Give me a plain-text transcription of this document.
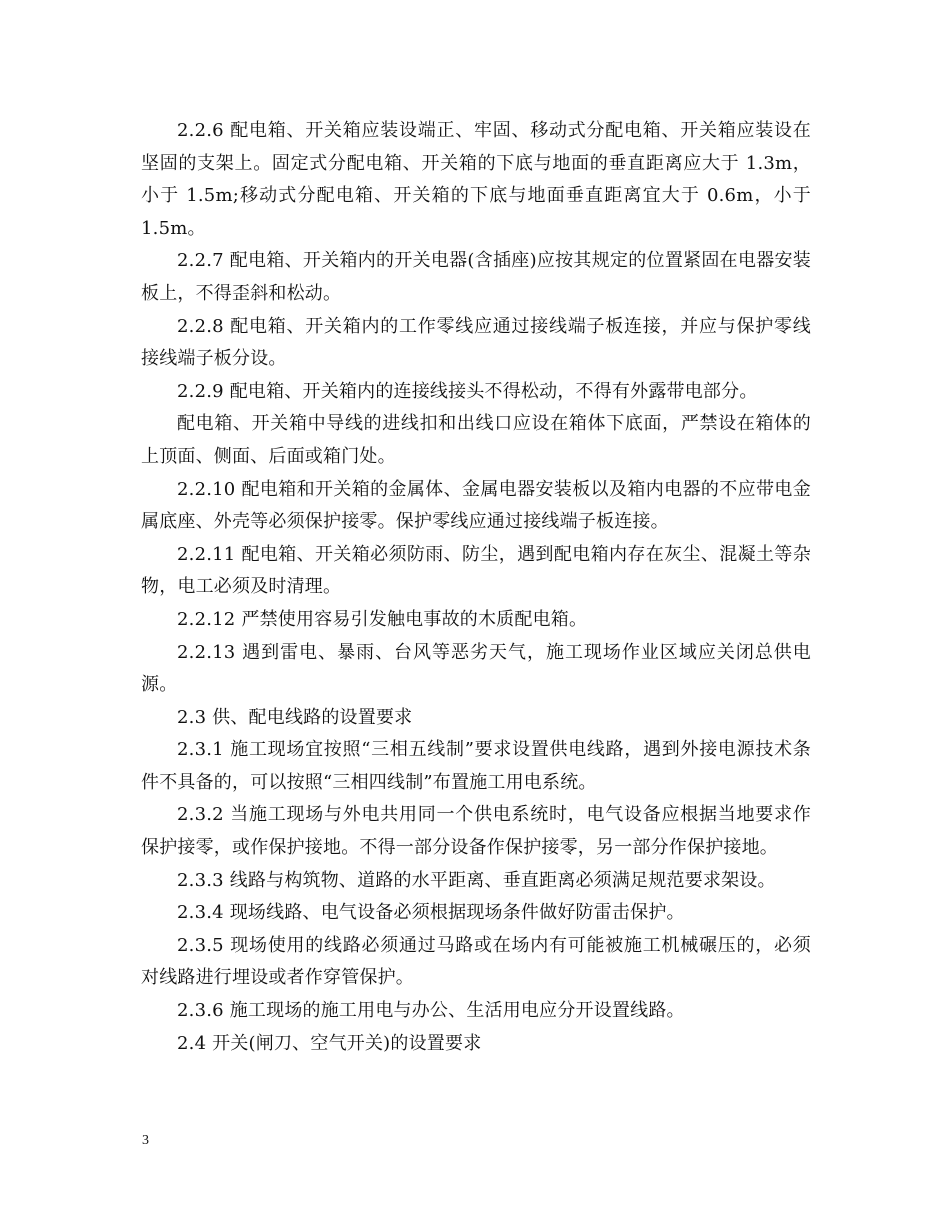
2.2.6 配电箱、开关箱应装设端正、牢固、移动式分配电箱、开关箱应装设在坚固的支架上。固定式分配电箱、开关箱的下底与地面的垂直距离应大于 1.3m，小于 1.5m;移动式分配电箱、开关箱的下底与地面垂直距离宜大于 0.6m，小于 1.5m。

2.2.7 配电箱、开关箱内的开关电器(含插座)应按其规定的位置紧固在电器安装板上，不得歪斜和松动。

2.2.8 配电箱、开关箱内的工作零线应通过接线端子板连接，并应与保护零线接线端子板分设。

2.2.9 配电箱、开关箱内的连接线接头不得松动，不得有外露带电部分。

配电箱、开关箱中导线的进线扣和出线口应设在箱体下底面，严禁设在箱体的上顶面、侧面、后面或箱门处。

2.2.10 配电箱和开关箱的金属体、金属电器安装板以及箱内电器的不应带电金属底座、外壳等必须保护接零。保护零线应通过接线端子板连接。

2.2.11 配电箱、开关箱必须防雨、防尘，遇到配电箱内存在灰尘、混凝土等杂物，电工必须及时清理。

2.2.12 严禁使用容易引发触电事故的木质配电箱。

2.2.13 遇到雷电、暴雨、台风等恶劣天气，施工现场作业区域应关闭总供电源。

2.3 供、配电线路的设置要求

2.3.1 施工现场宜按照“三相五线制”要求设置供电线路，遇到外接电源技术条件不具备的，可以按照“三相四线制”布置施工用电系统。

2.3.2 当施工现场与外电共用同一个供电系统时，电气设备应根据当地要求作保护接零，或作保护接地。不得一部分设备作保护接零，另一部分作保护接地。

2.3.3 线路与构筑物、道路的水平距离、垂直距离必须满足规范要求架设。

2.3.4 现场线路、电气设备必须根据现场条件做好防雷击保护。

2.3.5 现场使用的线路必须通过马路或在场内有可能被施工机械碾压的，必须对线路进行埋设或者作穿管保护。

2.3.6 施工现场的施工用电与办公、生活用电应分开设置线路。

2.4 开关(闸刀、空气开关)的设置要求

3
